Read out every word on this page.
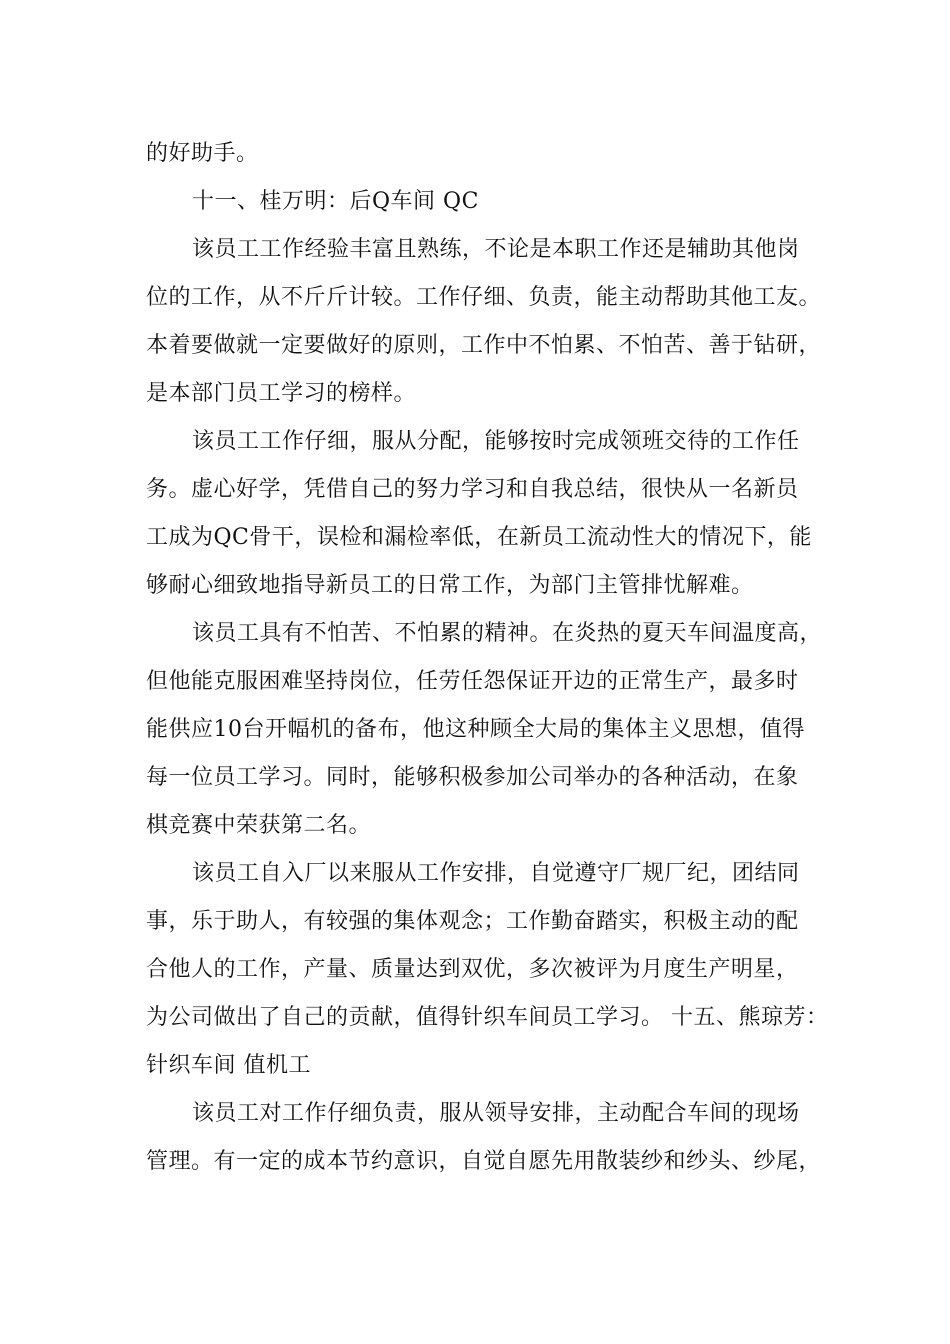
的好助手。
十一、桂万明：后Q车间 QC
该员工工作经验丰富且熟练，不论是本职工作还是辅助其他岗
位的工作，从不斤斤计较。工作仔细、负责，能主动帮助其他工友。
本着要做就一定要做好的原则，工作中不怕累、不怕苦、善于钻研，
是本部门员工学习的榜样。
该员工工作仔细，服从分配，能够按时完成领班交待的工作任
务。虚心好学，凭借自己的努力学习和自我总结，很快从一名新员
工成为QC骨干，误检和漏检率低，在新员工流动性大的情况下，能
够耐心细致地指导新员工的日常工作，为部门主管排忧解难。
该员工具有不怕苦、不怕累的精神。在炎热的夏天车间温度高，
但他能克服困难坚持岗位，任劳任怨保证开边的正常生产，最多时
能供应10台开幅机的备布，他这种顾全大局的集体主义思想，值得
每一位员工学习。同时，能够积极参加公司举办的各种活动，在象
棋竞赛中荣获第二名。
该员工自入厂以来服从工作安排，自觉遵守厂规厂纪，团结同
事，乐于助人，有较强的集体观念；工作勤奋踏实，积极主动的配
合他人的工作，产量、质量达到双优，多次被评为月度生产明星，
为公司做出了自己的贡献，值得针织车间员工学习。 十五、熊琼芳：
针织车间 值机工
该员工对工作仔细负责，服从领导安排，主动配合车间的现场
管理。有一定的成本节约意识，自觉自愿先用散装纱和纱头、纱尾，
